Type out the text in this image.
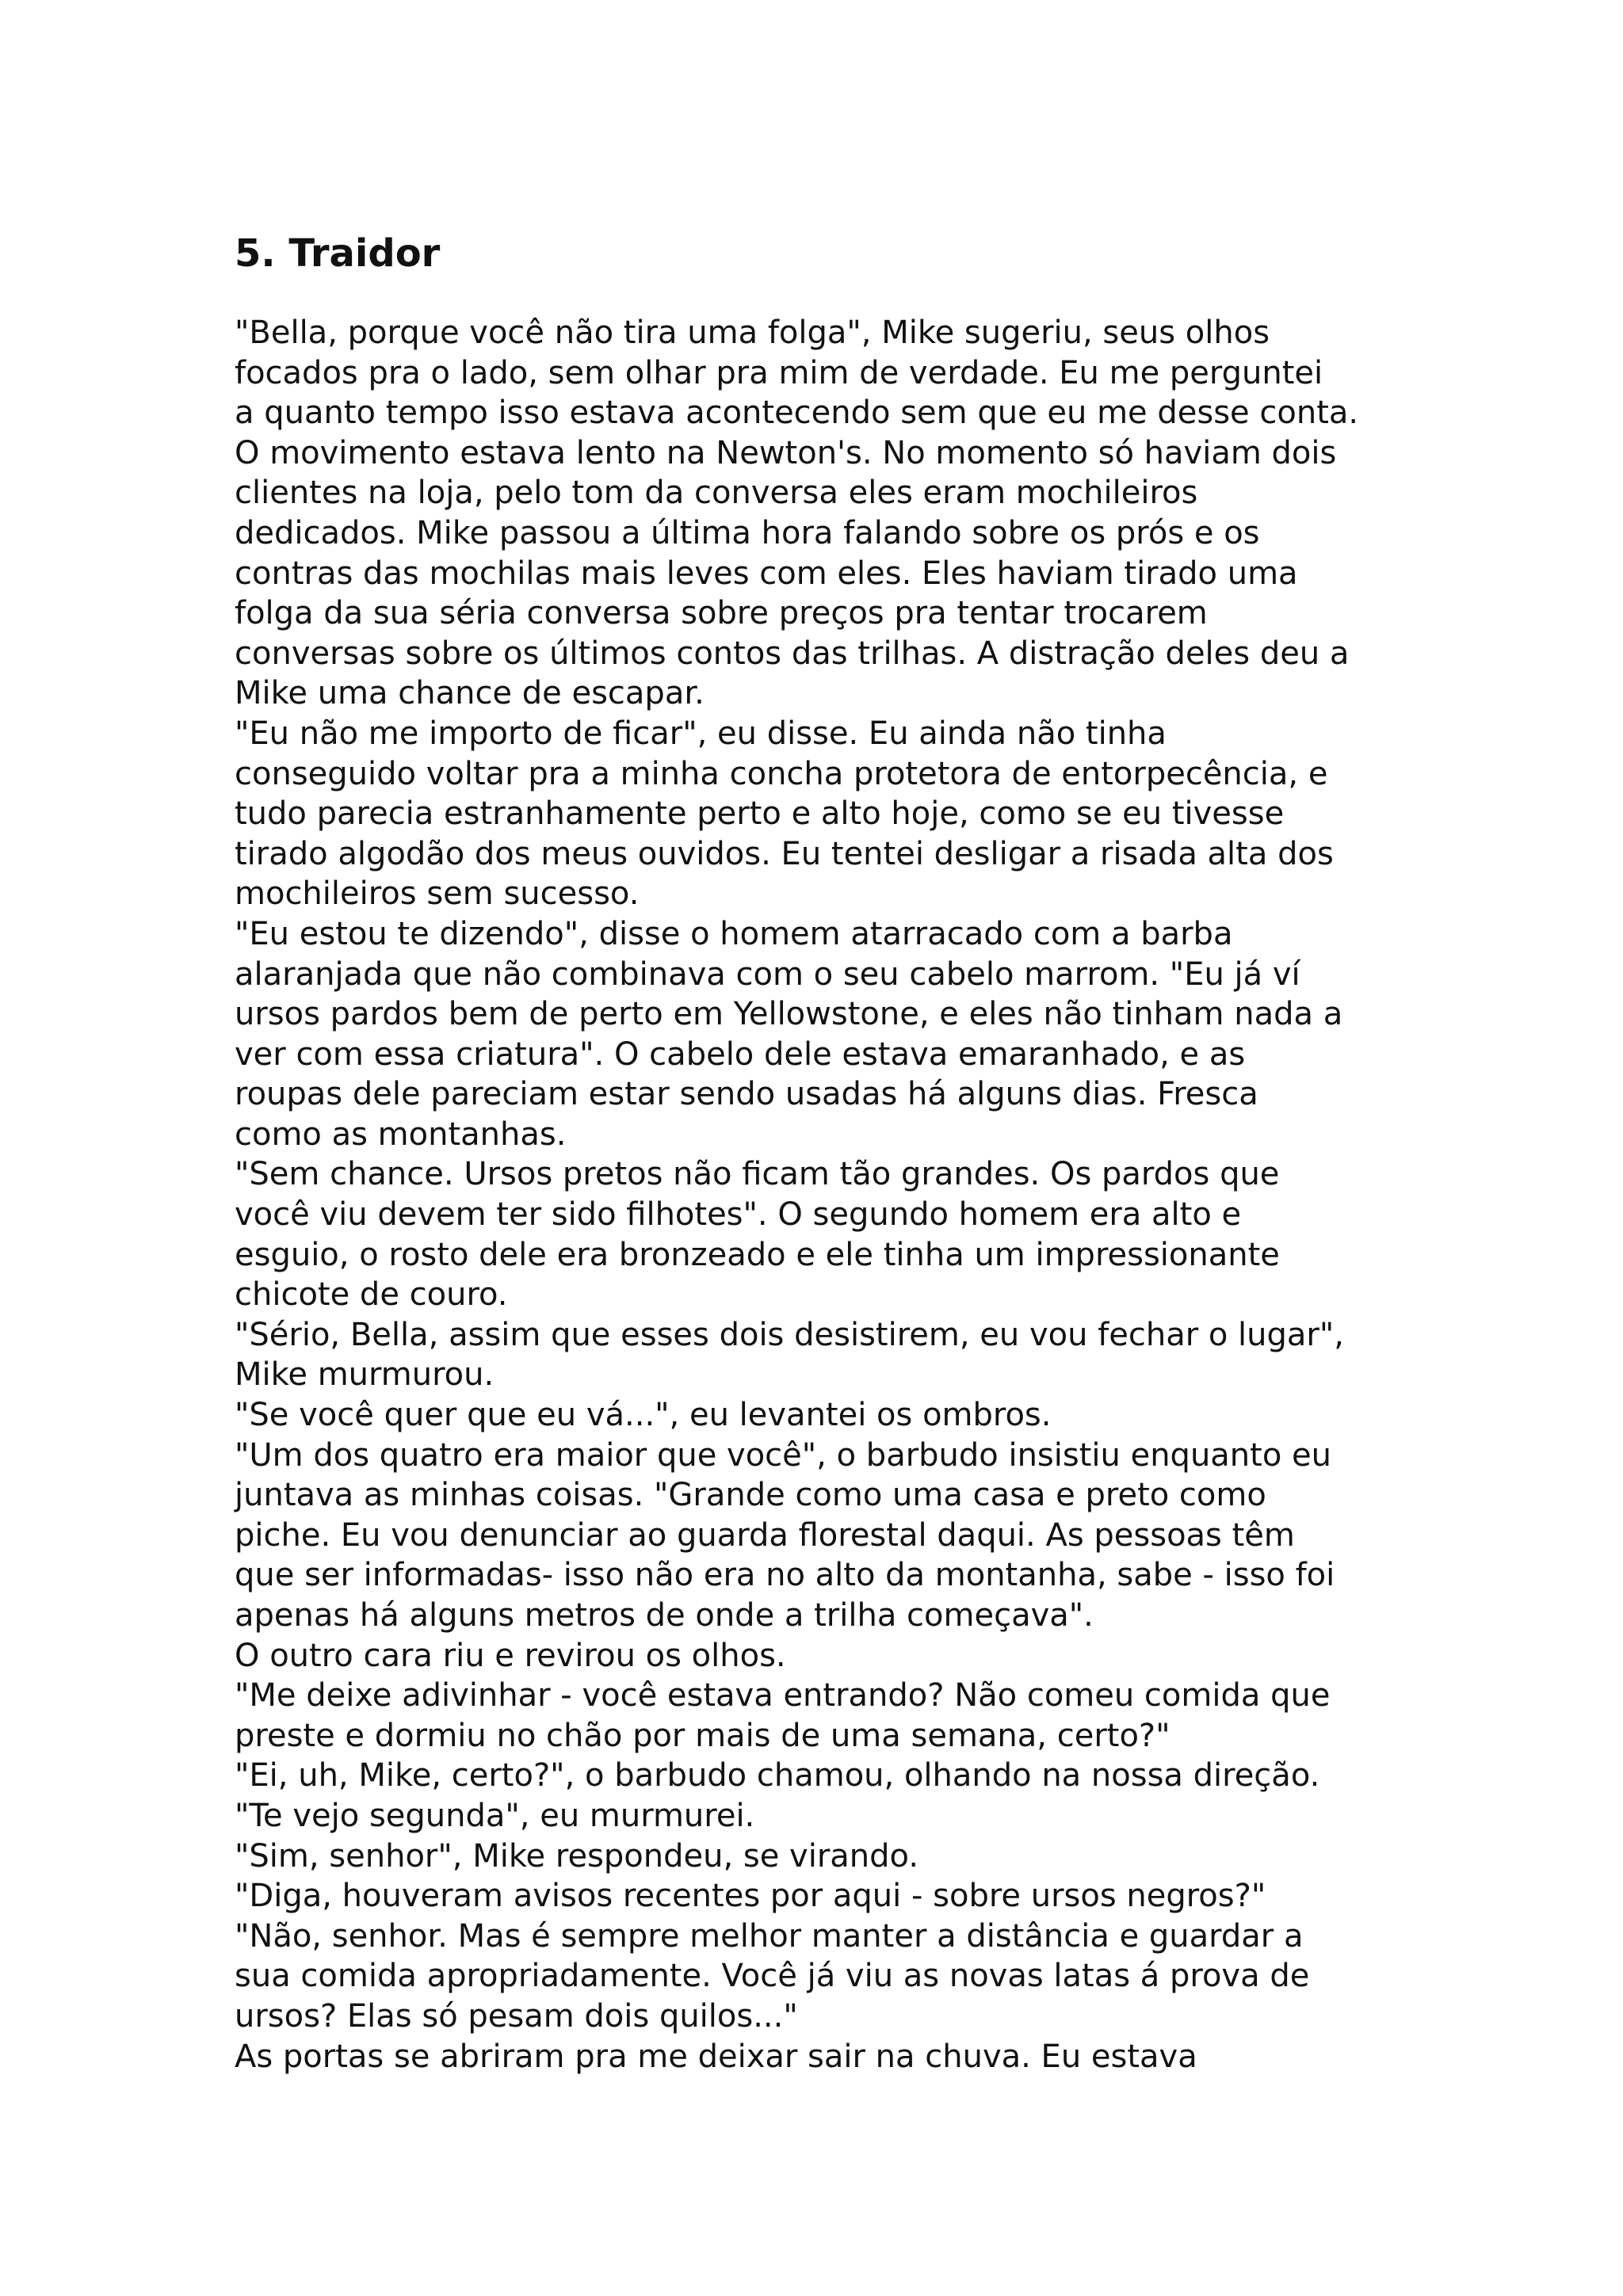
5. Traidor
"Bella, porque você não tira uma folga", Mike sugeriu, seus olhos
focados pra o lado, sem olhar pra mim de verdade. Eu me perguntei
a quanto tempo isso estava acontecendo sem que eu me desse conta.
O movimento estava lento na Newton's. No momento só haviam dois
clientes na loja, pelo tom da conversa eles eram mochileiros
dedicados. Mike passou a última hora falando sobre os prós e os
contras das mochilas mais leves com eles. Eles haviam tirado uma
folga da sua séria conversa sobre preços pra tentar trocarem
conversas sobre os últimos contos das trilhas. A distração deles deu a
Mike uma chance de escapar.
"Eu não me importo de ficar", eu disse. Eu ainda não tinha
conseguido voltar pra a minha concha protetora de entorpecência, e
tudo parecia estranhamente perto e alto hoje, como se eu tivesse
tirado algodão dos meus ouvidos. Eu tentei desligar a risada alta dos
mochileiros sem sucesso.
"Eu estou te dizendo", disse o homem atarracado com a barba
alaranjada que não combinava com o seu cabelo marrom. "Eu já ví
ursos pardos bem de perto em Yellowstone, e eles não tinham nada a
ver com essa criatura". O cabelo dele estava emaranhado, e as
roupas dele pareciam estar sendo usadas há alguns dias. Fresca
como as montanhas.
"Sem chance. Ursos pretos não ficam tão grandes. Os pardos que
você viu devem ter sido filhotes". O segundo homem era alto e
esguio, o rosto dele era bronzeado e ele tinha um impressionante
chicote de couro.
"Sério, Bella, assim que esses dois desistirem, eu vou fechar o lugar",
Mike murmurou.
"Se você quer que eu vá...", eu levantei os ombros.
"Um dos quatro era maior que você", o barbudo insistiu enquanto eu
juntava as minhas coisas. "Grande como uma casa e preto como
piche. Eu vou denunciar ao guarda florestal daqui. As pessoas têm
que ser informadas- isso não era no alto da montanha, sabe - isso foi
apenas há alguns metros de onde a trilha começava".
O outro cara riu e revirou os olhos.
"Me deixe adivinhar - você estava entrando? Não comeu comida que
preste e dormiu no chão por mais de uma semana, certo?"
"Ei, uh, Mike, certo?", o barbudo chamou, olhando na nossa direção.
"Te vejo segunda", eu murmurei.
"Sim, senhor", Mike respondeu, se virando.
"Diga, houveram avisos recentes por aqui - sobre ursos negros?"
"Não, senhor. Mas é sempre melhor manter a distância e guardar a
sua comida apropriadamente. Você já viu as novas latas á prova de
ursos? Elas só pesam dois quilos..."
As portas se abriram pra me deixar sair na chuva. Eu estava
